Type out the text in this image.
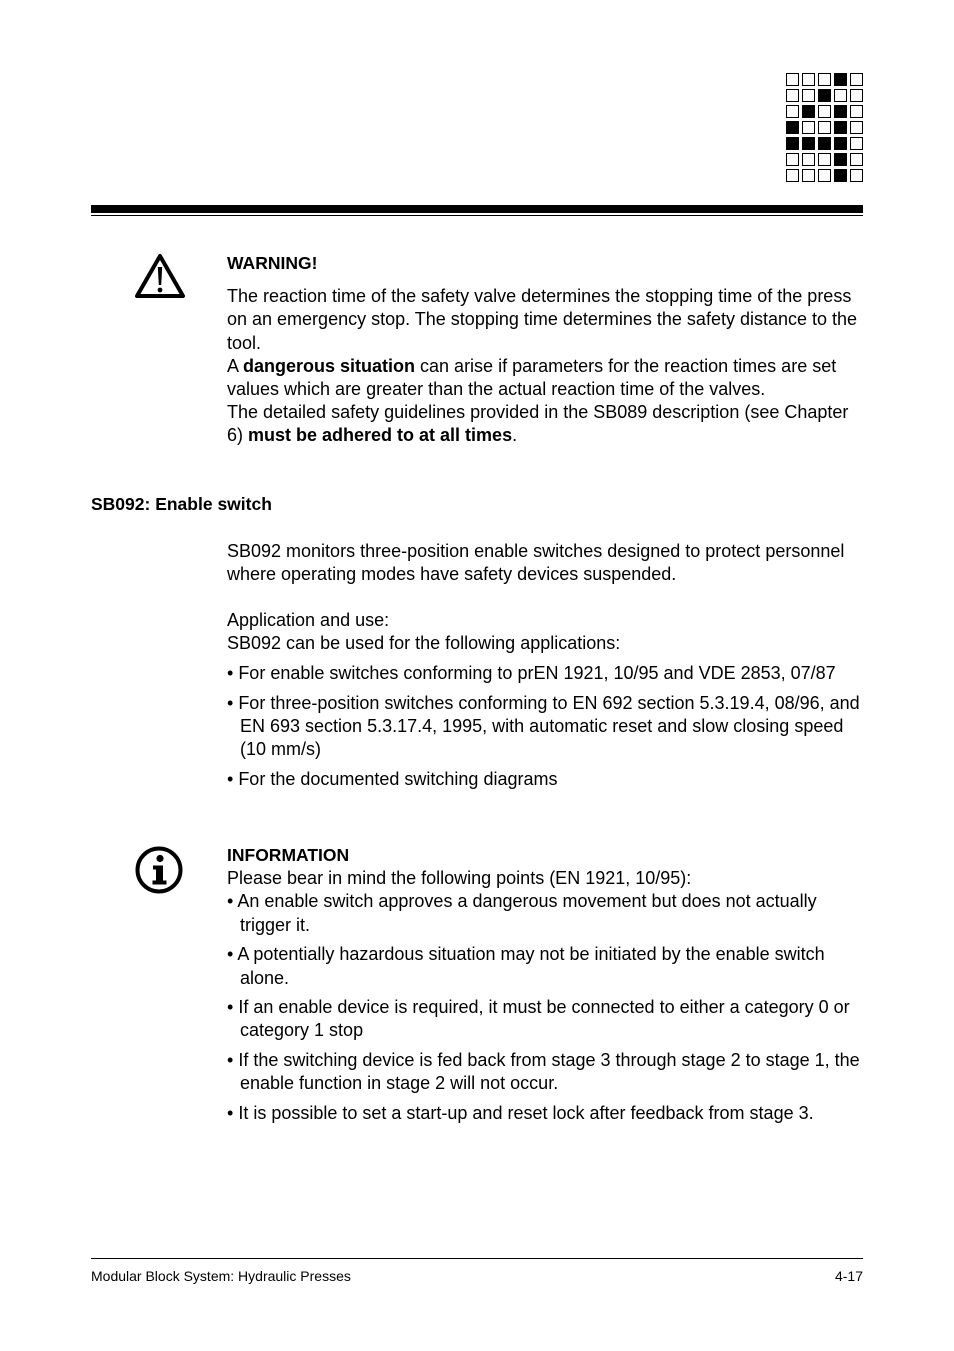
WARNING!

The reaction time of the safety valve determines the stopping time of the press on an emergency stop. The stopping time determines the safety distance to the tool.

A dangerous situation can arise if parameters for the reaction times are set values which are greater than the actual reaction time of the valves.

The detailed safety guidelines provided in the SB089 description (see Chapter 6) must be adhered to at all times.

SB092: Enable switch

SB092 monitors three-position enable switches designed to protect personnel where operating modes have safety devices suspended.

Application and use:

SB092 can be used for the following applications:

• For enable switches conforming to prEN 1921, 10/95 and VDE 2853, 07/87

• For three-position switches conforming to EN 692 section 5.3.19.4, 08/96, and EN 693 section 5.3.17.4, 1995, with automatic reset and slow closing speed (10 mm/s)

• For the documented switching diagrams

INFORMATION

Please bear in mind the following points (EN 1921, 10/95):

• An enable switch approves a dangerous movement but does not actually trigger it.

• A potentially hazardous situation may not be initiated by the enable switch alone.

• If an enable device is required, it must be connected to either a category 0 or category 1 stop

• If the switching device is fed back from stage 3 through stage 2 to stage 1, the enable function in stage 2 will not occur.

• It is possible to set a start-up and reset lock after feedback from stage 3.

Modular Block System: Hydraulic Presses	4-17
